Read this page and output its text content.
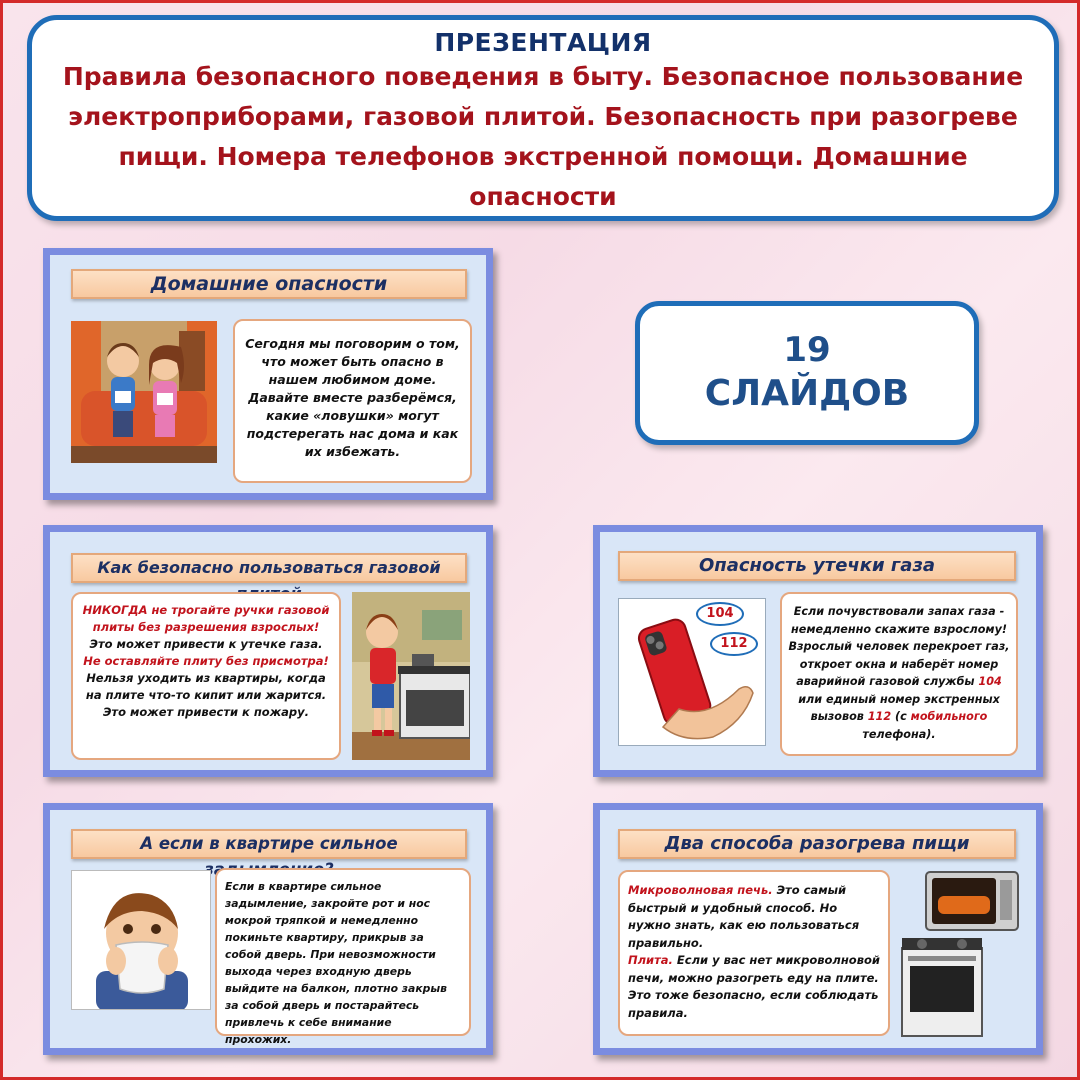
ПРЕЗЕНТАЦИЯ
Правила безопасного поведения в быту. Безопасное пользование электроприборами, газовой плитой. Безопасность при разогреве пищи. Номера телефонов экстренной помощи. Домашние опасности
19
СЛАЙДОВ
Домашние опасности
Сегодня мы поговорим о том, что может быть опасно в нашем любимом доме. Давайте вместе разберёмся, какие «ловушки» могут подстерегать нас дома и как их избежать.
Как безопасно пользоваться газовой
НИКОГДА не трогайте ручки газовой плиты без разрешения взрослых!
Это может привести к утечке газа.
Не оставляйте плиту без присмотра!
Нельзя уходить из квартиры, когда на плите что-то кипит или жарится. Это может привести к пожару.
Опасность утечки газа
104
112
Если почувствовали запах газа - немедленно скажите взрослому! Взрослый человек перекроет газ, откроет окна и наберёт номер аварийной газовой службы 104 или единый номер экстренных вызовов 112 (с мобильного телефона).
А если в квартире сильное
Если в квартире сильное задымление, закройте рот и нос мокрой тряпкой и немедленно покиньте квартиру, прикрыв за собой дверь. При невозможности выхода через входную дверь выйдите на балкон, плотно закрыв за собой дверь и постарайтесь привлечь к себе внимание прохожих.
Два способа разогрева пищи
Микроволновая печь. Это самый быстрый и удобный способ. Но нужно знать, как ею пользоваться правильно.
Плита. Если у вас нет микроволновой печи, можно разогреть еду на плите. Это тоже безопасно, если соблюдать правила.
